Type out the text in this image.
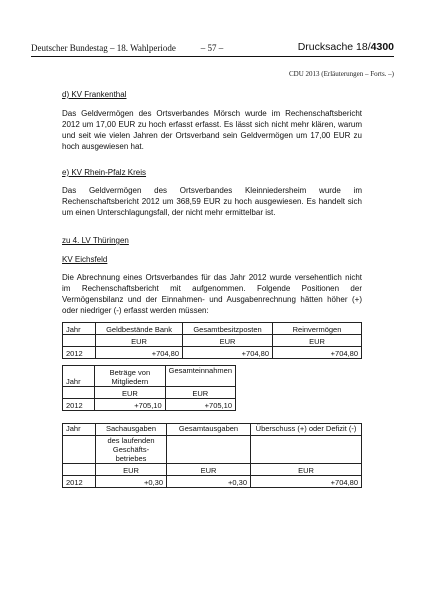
Deutscher Bundestag – 18. Wahlperiode	– 57 –	Drucksache 18/4300
CDU 2013 (Erläuterungen – Forts. –)
d) KV Frankenthal
Das Geldvermögen des Ortsverbandes Mörsch wurde im Rechenschaftsbericht 2012 um 17,00 EUR zu hoch erfasst erfasst. Es lässt sich nicht mehr klären, warum und seit wie vielen Jahren der Ortsverband sein Geldvermögen um 17,00 EUR zu hoch ausgewiesen hat.
e) KV Rhein-Pfalz Kreis
Das Geldvermögen des Ortsverbandes Kleinniedersheim wurde im Rechenschaftsbericht 2012 um 368,59 EUR zu hoch ausgewiesen. Es handelt sich um einen Unterschlagungsfall, der nicht mehr ermittelbar ist.
zu 4. LV Thüringen
KV Eichsfeld
Die Abrechnung eines Ortsverbandes für das Jahr 2012 wurde versehentlich nicht im Rechenschaftsbericht mit aufgenommen. Folgende Positionen der Vermögensbilanz und der Einnahmen- und Ausgabenrechnung hätten höher (+) oder niedriger (-) erfasst werden müssen:
Jahr	Geldbestände Bank	Gesamtbesitzposten	Reinvermögen
	EUR	EUR	EUR
2012	+704,80	+704,80	+704,80
Jahr	Beträge von Mitgliedern	Gesamteinnahmen
	EUR	EUR
2012	+705,10	+705,10
Jahr	Sachausgaben	Gesamtausgaben	Überschuss (+) oder Defizit (-)
	des laufenden Geschäfts-betriebes		
	EUR	EUR	EUR
2012	+0,30	+0,30	+704,80
